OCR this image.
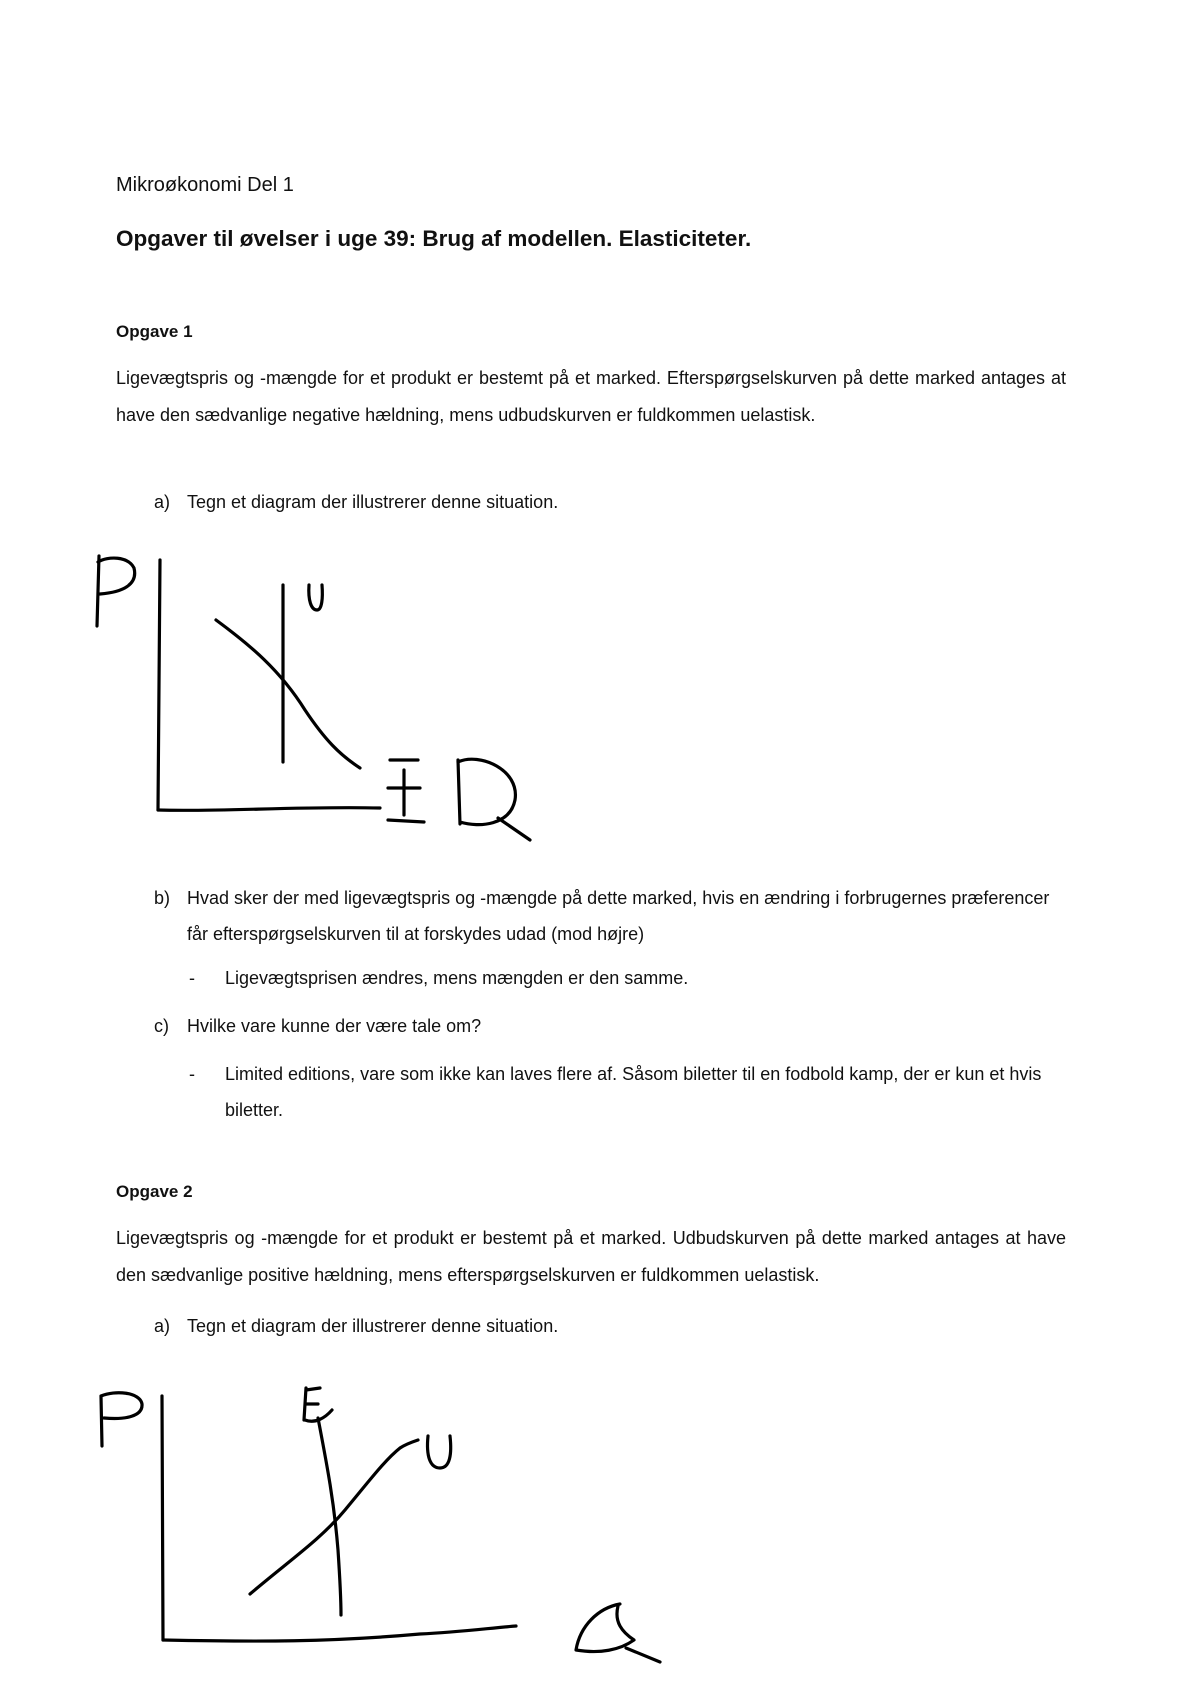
Mikroøkonomi Del 1
Opgaver til øvelser i uge 39: Brug af modellen. Elasticiteter.
Opgave 1

Ligevægtspris og -mængde for et produkt er bestemt på et marked. Efterspørgselskurven på dette marked antages at have den sædvanlige negative hældning, mens udbudskurven er fuldkommen uelastisk.

a) Tegn et diagram der illustrerer denne situation.
b) Hvad sker der med ligevægtspris og -mængde på dette marked, hvis en ændring i forbrugernes præferencer får efterspørgselskurven til at forskydes udad (mod højre)
- Ligevægtsprisen ændres, mens mængden er den samme.
c) Hvilke vare kunne der være tale om?
- Limited editions, vare som ikke kan laves flere af. Såsom biletter til en fodbold kamp, der er kun et hvis biletter.
Opgave 2

Ligevægtspris og -mængde for et produkt er bestemt på et marked. Udbudskurven på dette marked antages at have den sædvanlige positive hældning, mens efterspørgselskurven er fuldkommen uelastisk.

a) Tegn et diagram der illustrerer denne situation.
